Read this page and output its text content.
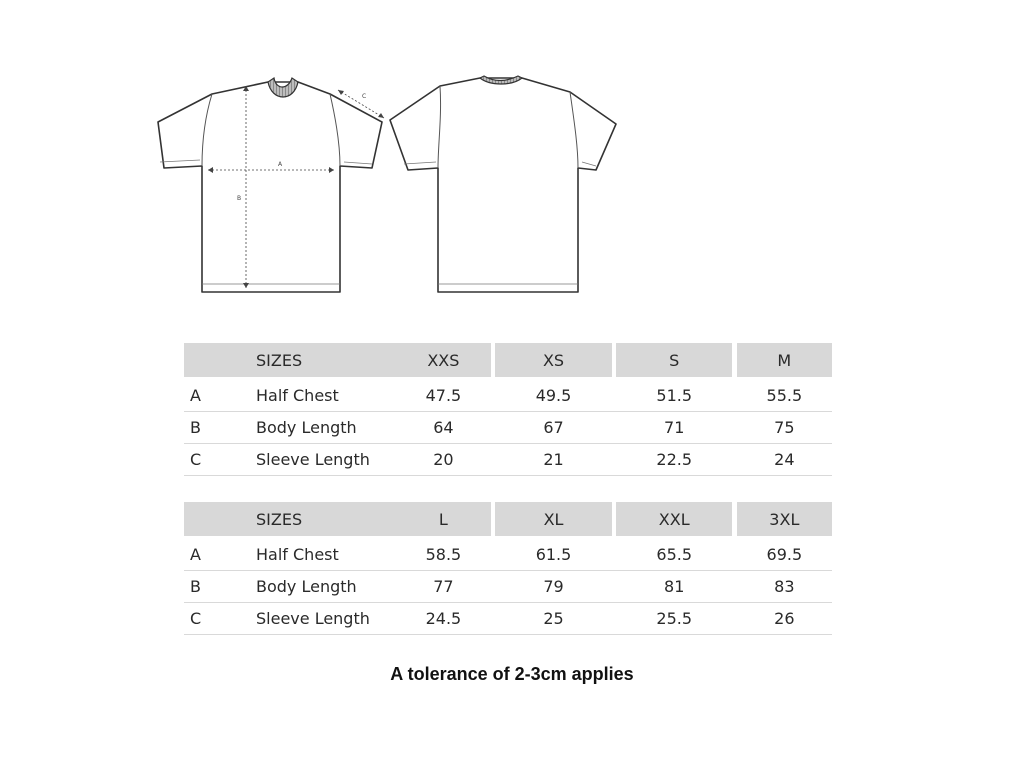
A
B
C
	SIZES	XXS		XS		S		M
A	Half Chest	47.5		49.5		51.5		55.5
B	Body Length	64		67		71		75
C	Sleeve Length	20		21		22.5		24
	SIZES	L		XL		XXL		3XL
A	Half Chest	58.5		61.5		65.5		69.5
B	Body Length	77		79		81		83
C	Sleeve Length	24.5		25		25.5		26
A tolerance of 2-3cm applies
